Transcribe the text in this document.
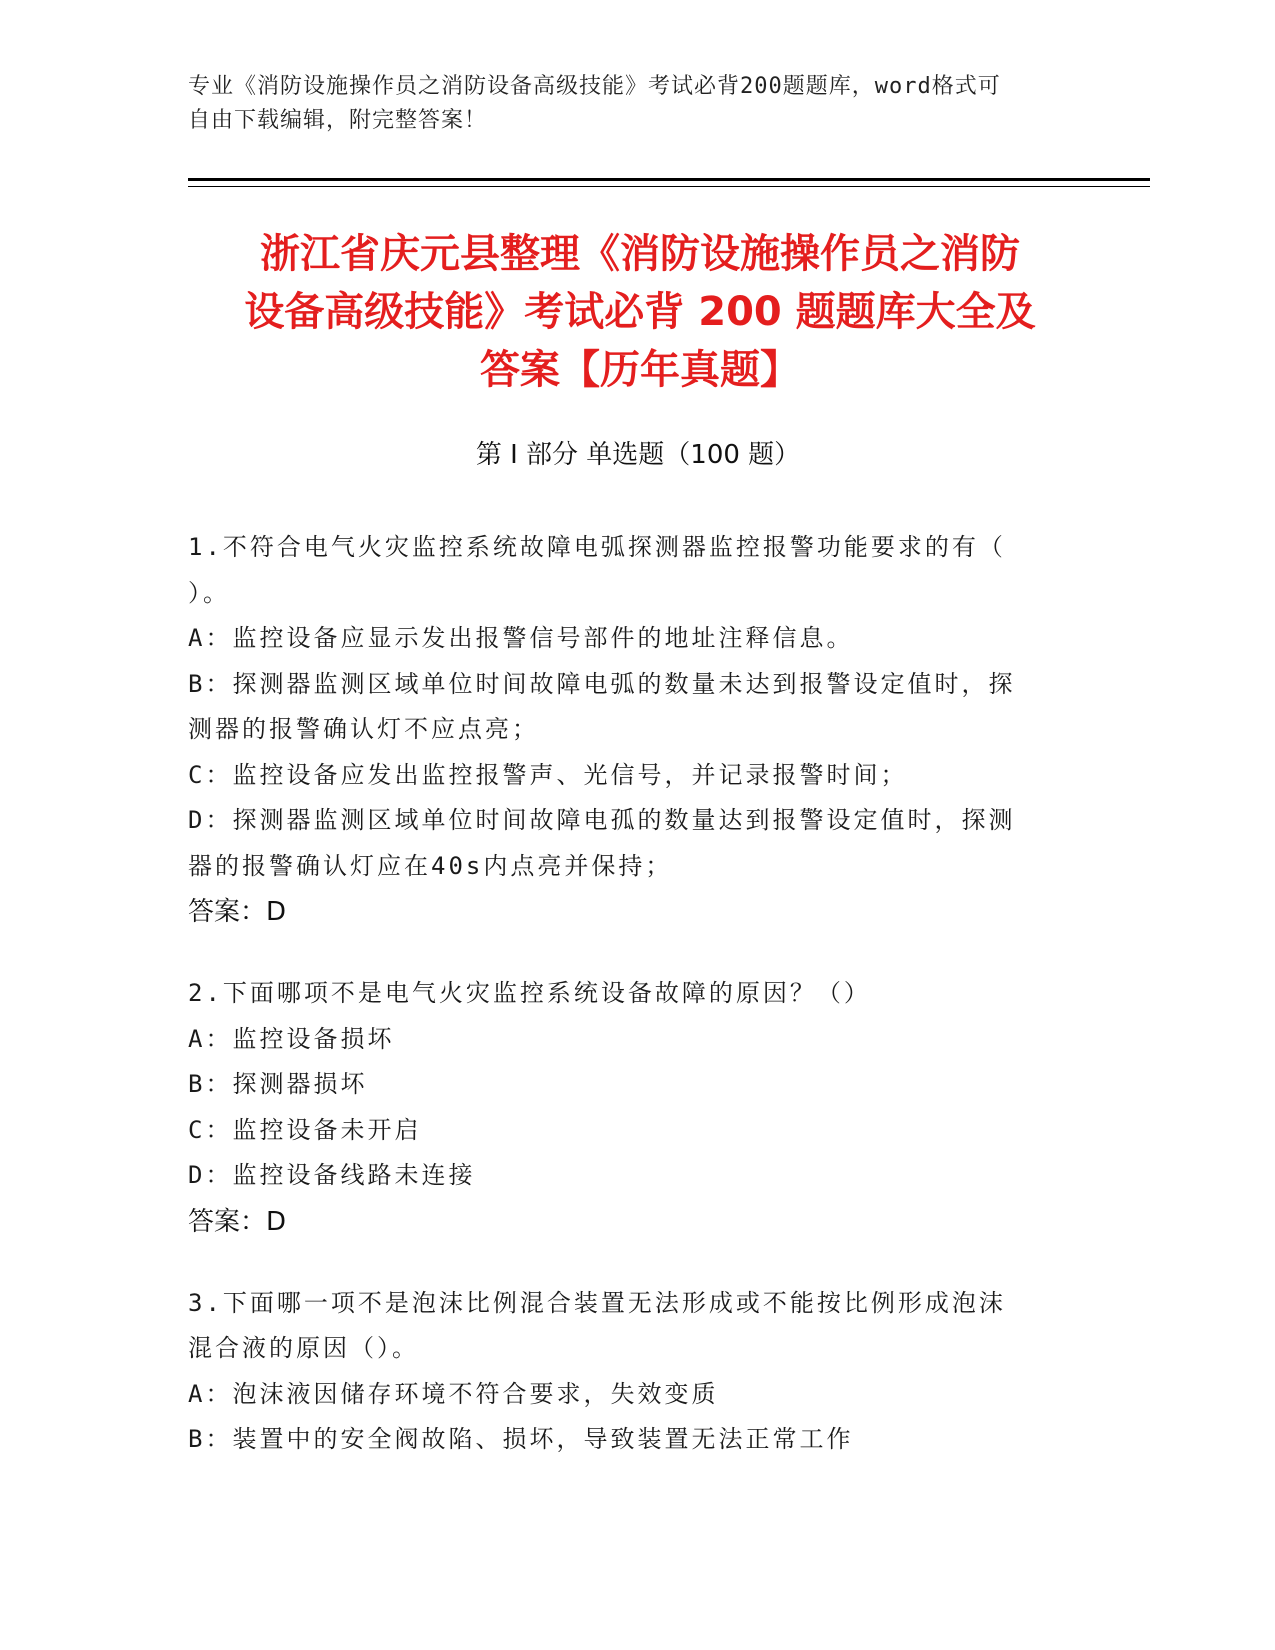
专业《消防设施操作员之消防设备高级技能》考试必背200题题库，word格式可
自由下载编辑，附完整答案！
浙江省庆元县整理《消防设施操作员之消防
设备高级技能》考试必背 200 题题库大全及
答案【历年真题】
第 I 部分 单选题（100 题）
1.不符合电气火灾监控系统故障电弧探测器监控报警功能要求的有（
）。
A：监控设备应显示发出报警信号部件的地址注释信息。
B：探测器监测区域单位时间故障电弧的数量未达到报警设定值时，探
测器的报警确认灯不应点亮；
C：监控设备应发出监控报警声、光信号，并记录报警时间；
D：探测器监测区域单位时间故障电孤的数量达到报警设定值时，探测
器的报警确认灯应在40s内点亮并保持；
答案：D
2.下面哪项不是电气火灾监控系统设备故障的原因？（）
A：监控设备损坏
B：探测器损坏
C：监控设备未开启
D：监控设备线路未连接
答案：D
3.下面哪一项不是泡沫比例混合装置无法形成或不能按比例形成泡沫
混合液的原因（）。
A：泡沫液因储存环境不符合要求，失效变质
B：装置中的安全阀故陷、损坏，导致装置无法正常工作
